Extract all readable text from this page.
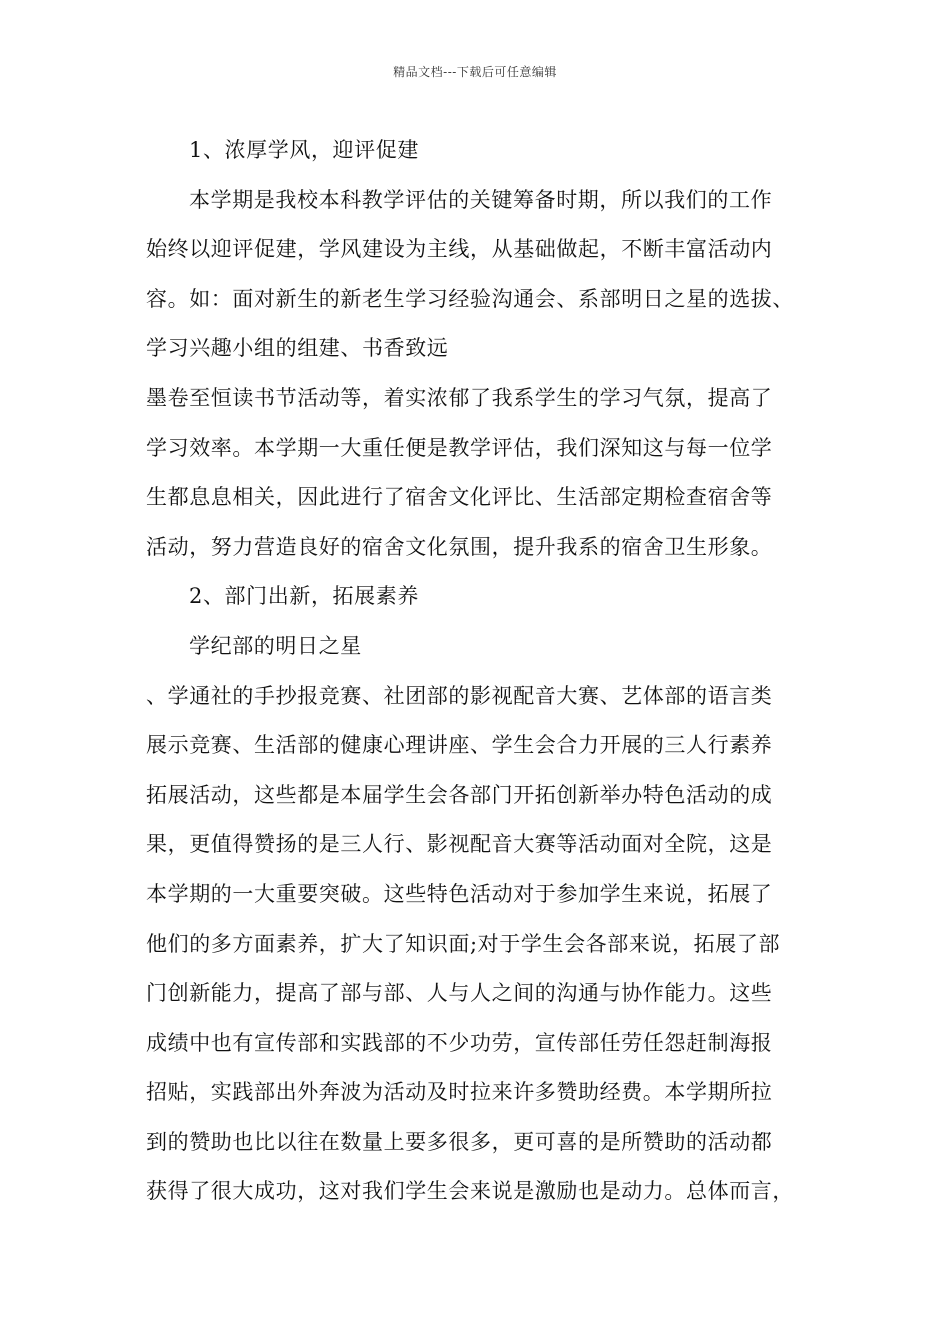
精品文档---下载后可任意编辑
1、浓厚学风，迎评促建
本学期是我校本科教学评估的关键筹备时期，所以我们的工作
始终以迎评促建，学风建设为主线，从基础做起，不断丰富活动内
容。如：面对新生的新老生学习经验沟通会、系部明日之星的选拔、
学习兴趣小组的组建、书香致远
墨卷至恒读书节活动等，着实浓郁了我系学生的学习气氛，提高了
学习效率。本学期一大重任便是教学评估，我们深知这与每一位学
生都息息相关，因此进行了宿舍文化评比、生活部定期检查宿舍等
活动，努力营造良好的宿舍文化氛围，提升我系的宿舍卫生形象。
2、部门出新，拓展素养
学纪部的明日之星
、学通社的手抄报竞赛、社团部的影视配音大赛、艺体部的语言类
展示竞赛、生活部的健康心理讲座、学生会合力开展的三人行素养
拓展活动，这些都是本届学生会各部门开拓创新举办特色活动的成
果，更值得赞扬的是三人行、影视配音大赛等活动面对全院，这是
本学期的一大重要突破。这些特色活动对于参加学生来说，拓展了
他们的多方面素养，扩大了知识面;对于学生会各部来说，拓展了部
门创新能力，提高了部与部、人与人之间的沟通与协作能力。这些
成绩中也有宣传部和实践部的不少功劳，宣传部任劳任怨赶制海报
招贴，实践部出外奔波为活动及时拉来许多赞助经费。本学期所拉
到的赞助也比以往在数量上要多很多，更可喜的是所赞助的活动都
获得了很大成功，这对我们学生会来说是激励也是动力。总体而言，
